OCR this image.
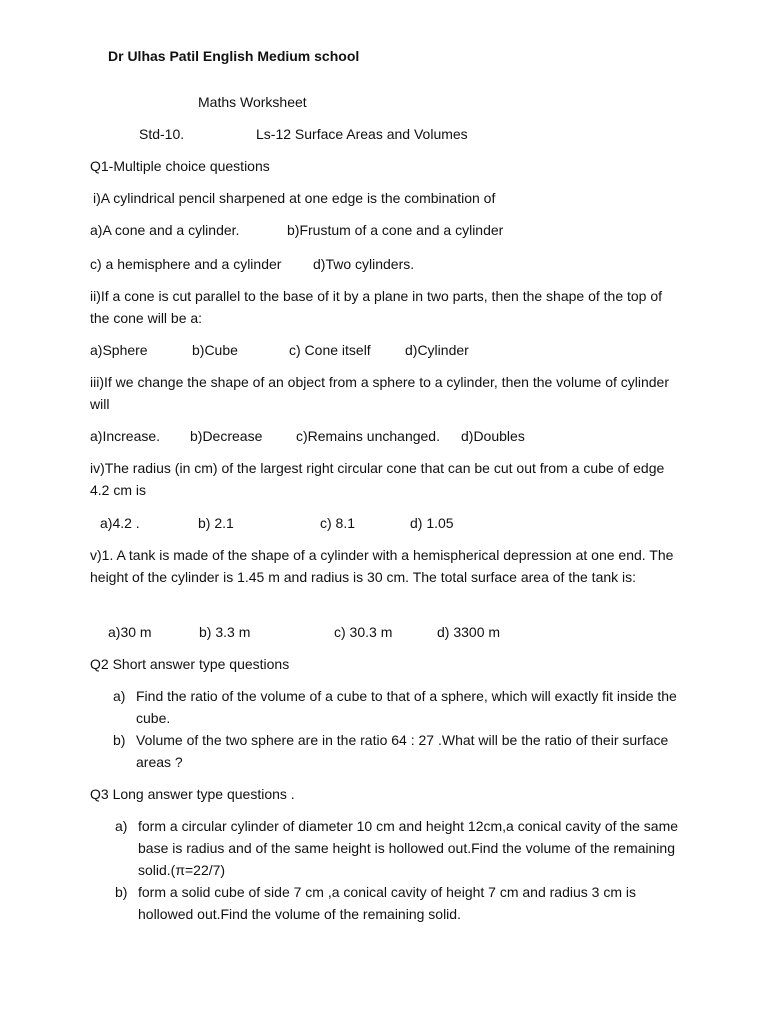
Dr Ulhas Patil English Medium school
Maths Worksheet
Std-10.	Ls-12 Surface Areas and Volumes
Q1-Multiple choice questions
i)A cylindrical pencil sharpened at one edge is the combination of
a)A cone and a cylinder.	b)Frustum of a cone and a cylinder
c) a hemisphere and a cylinder d)Two cylinders.
ii)If a cone is cut parallel to the base of it by a plane in two parts, then the shape of the top of the cone will be a:
a)Sphere	b)Cube	c) Cone itself d)Cylinder
iii)If we change the shape of an object from a sphere to a cylinder, then the volume of cylinder will
a)Increase. b)Decrease c)Remains unchanged. d)Doubles
iv)The radius (in cm) of the largest right circular cone that can be cut out from a cube of edge 4.2 cm is
a)4.2 .	b) 2.1	c) 8.1	d) 1.05
v)1. A tank is made of the shape of a cylinder with a hemispherical depression at one end. The height of the cylinder is 1.45 m and radius is 30 cm. The total surface area of the tank is:
a)30 m	b) 3.3 m	c) 30.3 m	d) 3300 m
Q2 Short answer type questions
a) Find the ratio of the volume of a cube to that of a sphere, which will exactly fit inside the cube.
b) Volume of the two sphere are in the ratio 64 : 27 .What will be the ratio of their surface areas ?
Q3 Long answer type questions .
a) form a circular cylinder of diameter 10 cm and height 12cm,a conical cavity of the same base is radius and of the same height is hollowed out.Find the volume of the remaining solid.(π=22/7)
b) form a solid cube of side 7 cm ,a conical cavity of height 7 cm and radius 3 cm is hollowed out.Find the volume of the remaining solid.
